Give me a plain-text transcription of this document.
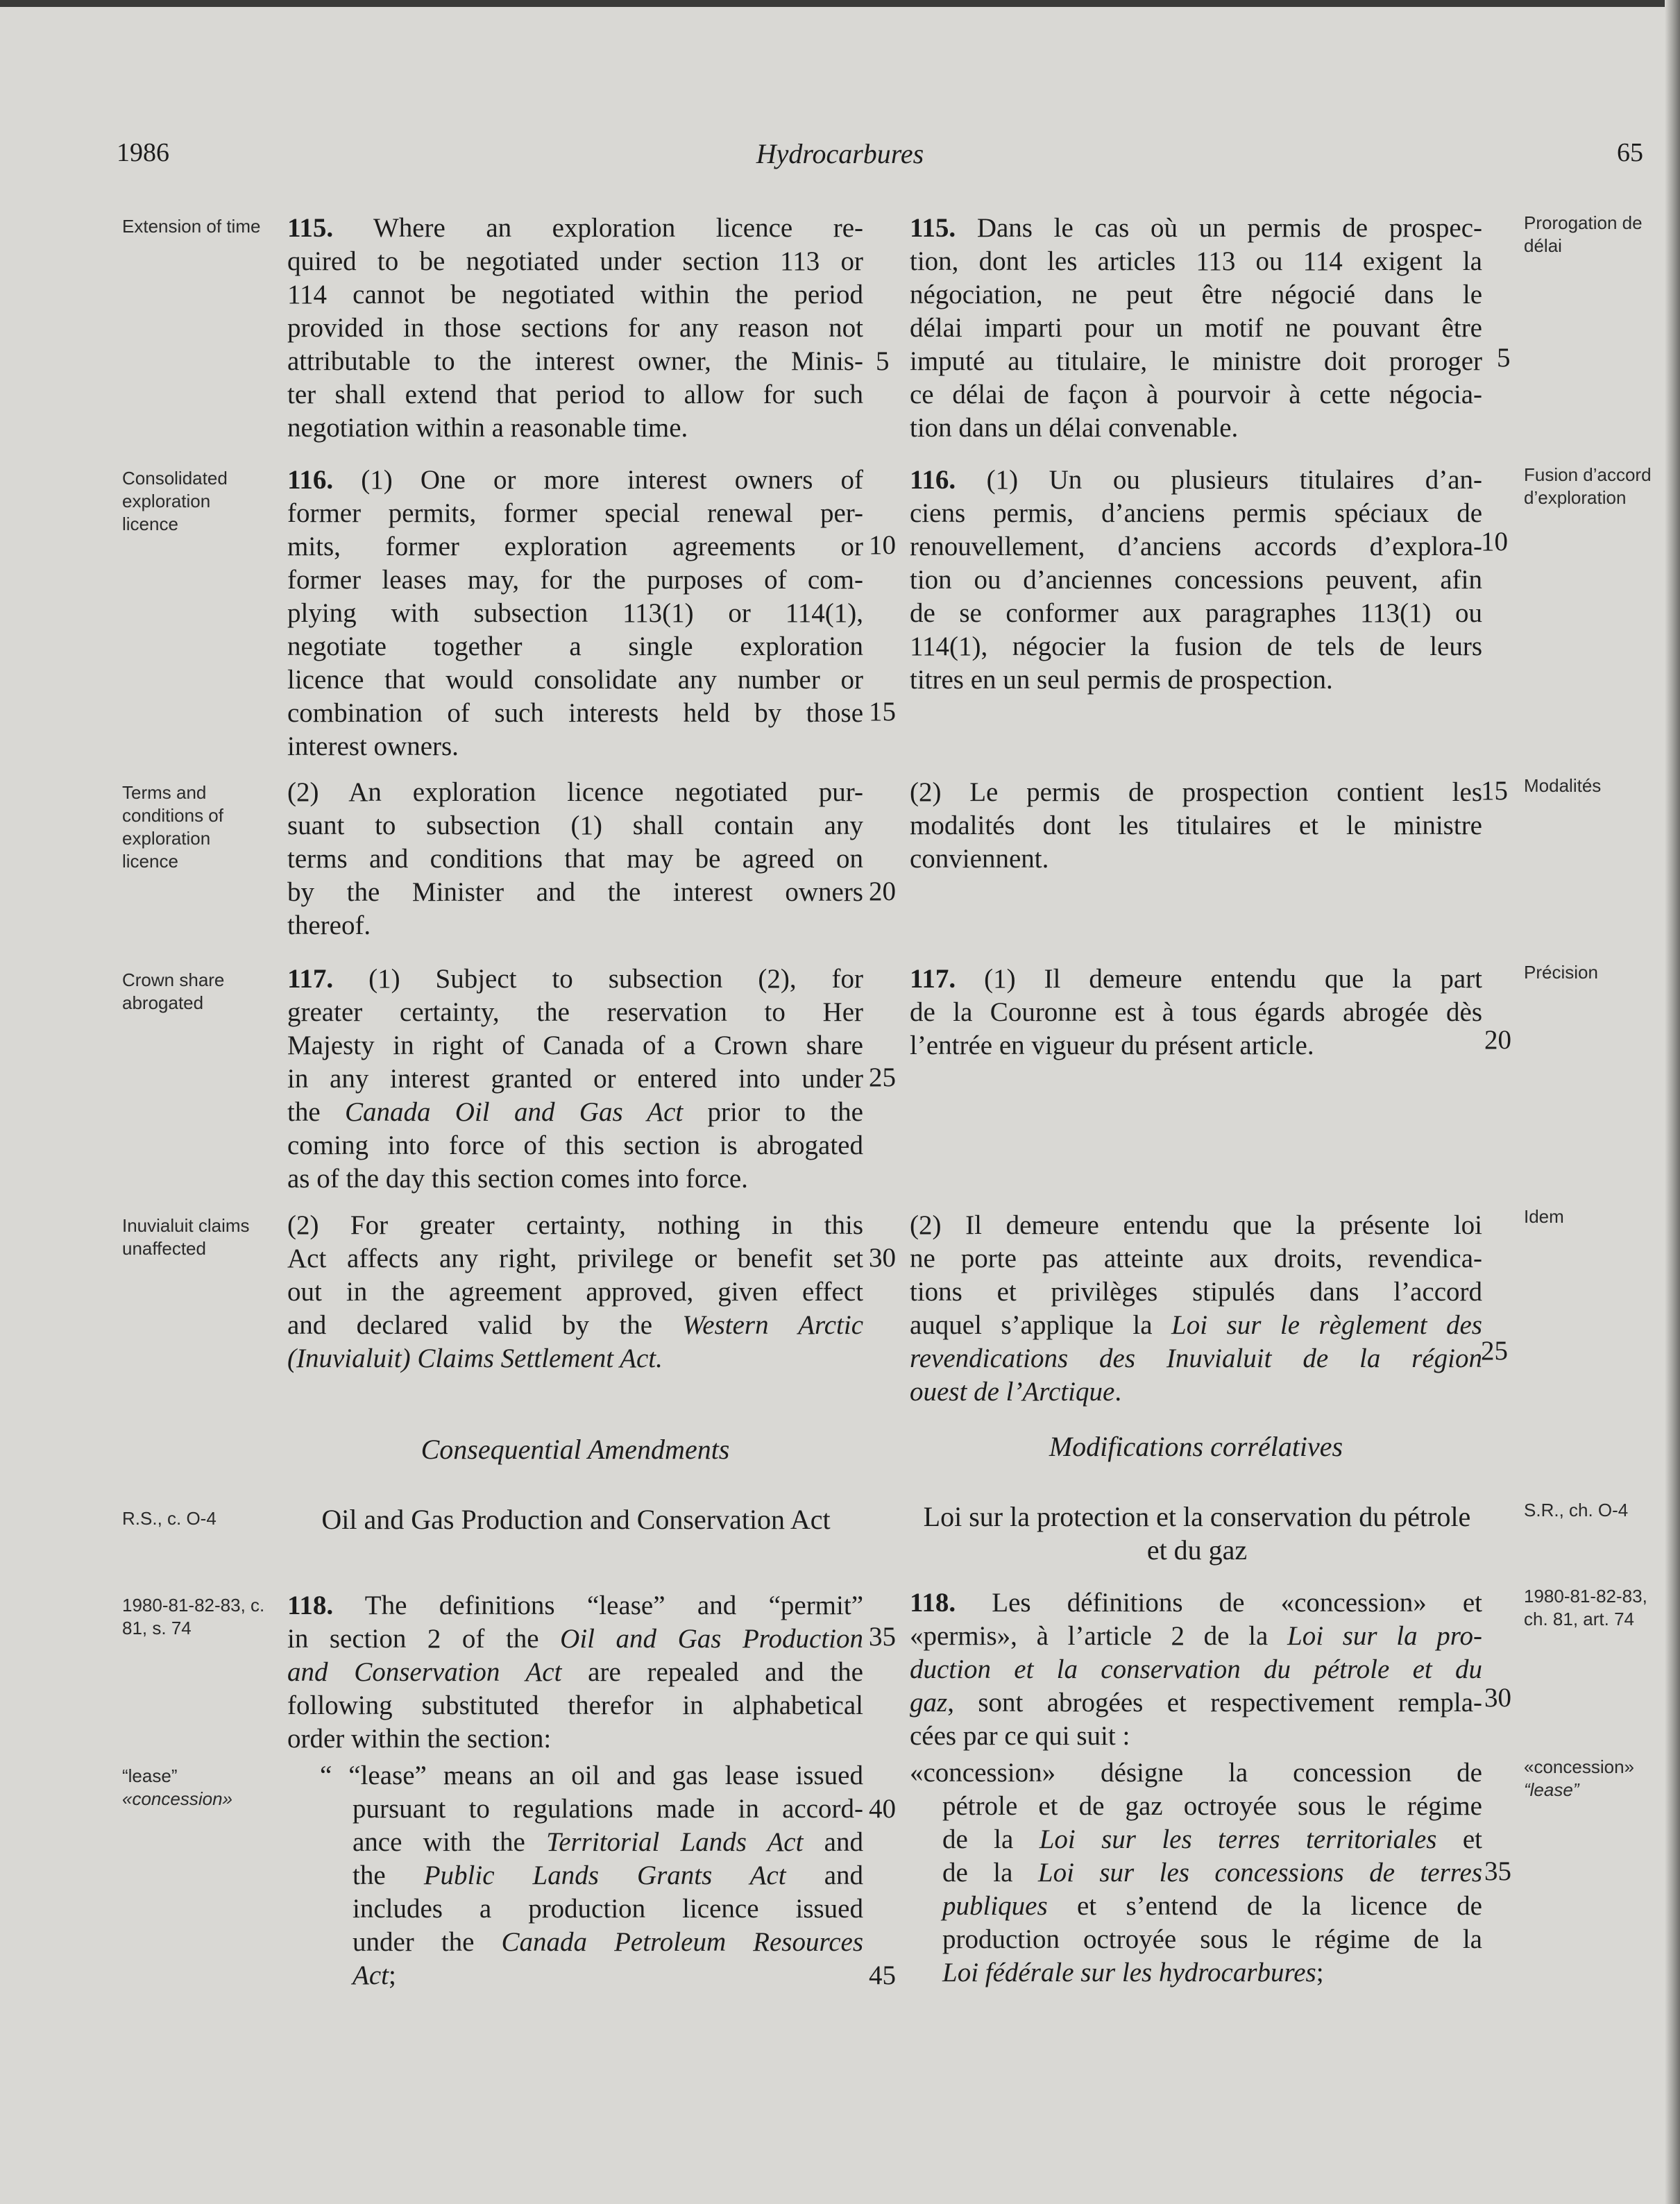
1986	Hydrocarbures	65
Extension of time
Consolidated exploration licence
Terms and conditions of exploration licence
Crown share abrogated
Inuvialuit claims unaffected
R.S., c. O-4
1980-81-82-83, c. 81, s. 74
“lease”
«concession»
Prorogation de délai
Fusion d’accord d’exploration
Modalités
Précision
Idem
S.R., ch. O-4
1980-81-82-83, ch. 81, art. 74
«concession»
“lease”
115. Where an exploration licence re-
quired to be negotiated under section 113 or
114 cannot be negotiated within the period
provided in those sections for any reason not
attributable to the interest owner, the Minis-
ter shall extend that period to allow for such
negotiation within a reasonable time.
116. (1) One or more interest owners of
former permits, former special renewal per-
mits, former exploration agreements or
former leases may, for the purposes of com-
plying with subsection 113(1) or 114(1),
negotiate together a single exploration
licence that would consolidate any number or
combination of such interests held by those
interest owners.
(2) An exploration licence negotiated pur-
suant to subsection (1) shall contain any
terms and conditions that may be agreed on
by the Minister and the interest owners
thereof.
117. (1) Subject to subsection (2), for
greater certainty, the reservation to Her
Majesty in right of Canada of a Crown share
in any interest granted or entered into under
the Canada Oil and Gas Act prior to the
coming into force of this section is abrogated
as of the day this section comes into force.
(2) For greater certainty, nothing in this
Act affects any right, privilege or benefit set
out in the agreement approved, given effect
and declared valid by the Western Arctic
(Inuvialuit) Claims Settlement Act.
Consequential Amendments
Oil and Gas Production and Conservation Act
118. The definitions “lease” and “permit”
in section 2 of the Oil and Gas Production
and Conservation Act are repealed and the
following substituted therefor in alphabetical
order within the section:
“ “lease” means an oil and gas lease issued
pursuant to regulations made in accord-
ance with the Territorial Lands Act and
the Public Lands Grants Act and
includes a production licence issued
under the Canada Petroleum Resources
Act;
5
10
15
20
25
30
35
40
45
115. Dans le cas où un permis de prospec-
tion, dont les articles 113 ou 114 exigent la
négociation, ne peut être négocié dans le
délai imparti pour un motif ne pouvant être
imputé au titulaire, le ministre doit proroger
ce délai de façon à pourvoir à cette négocia-
tion dans un délai convenable.
116. (1) Un ou plusieurs titulaires d’an-
ciens permis, d’anciens permis spéciaux de
renouvellement, d’anciens accords d’explora-
tion ou d’anciennes concessions peuvent, afin
de se conformer aux paragraphes 113(1) ou
114(1), négocier la fusion de tels de leurs
titres en un seul permis de prospection.
(2) Le permis de prospection contient les
modalités dont les titulaires et le ministre
conviennent.
117. (1) Il demeure entendu que la part
de la Couronne est à tous égards abrogée dès
l’entrée en vigueur du présent article.
(2) Il demeure entendu que la présente loi
ne porte pas atteinte aux droits, revendica-
tions et privilèges stipulés dans l’accord
auquel s’applique la Loi sur le règlement des
revendications des Inuvialuit de la région
ouest de l’Arctique.
Modifications corrélatives
Loi sur la protection et la conservation du pétrole et du gaz
118. Les définitions de «concession» et
«permis», à l’article 2 de la Loi sur la pro-
duction et la conservation du pétrole et du
gaz, sont abrogées et respectivement rempla-
cées par ce qui suit :
«concession» désigne la concession de
pétrole et de gaz octroyée sous le régime
de la Loi sur les terres territoriales et
de la Loi sur les concessions de terres
publiques et s’entend de la licence de
production octroyée sous le régime de la
Loi fédérale sur les hydrocarbures;
5
10
15
20
25
30
35
